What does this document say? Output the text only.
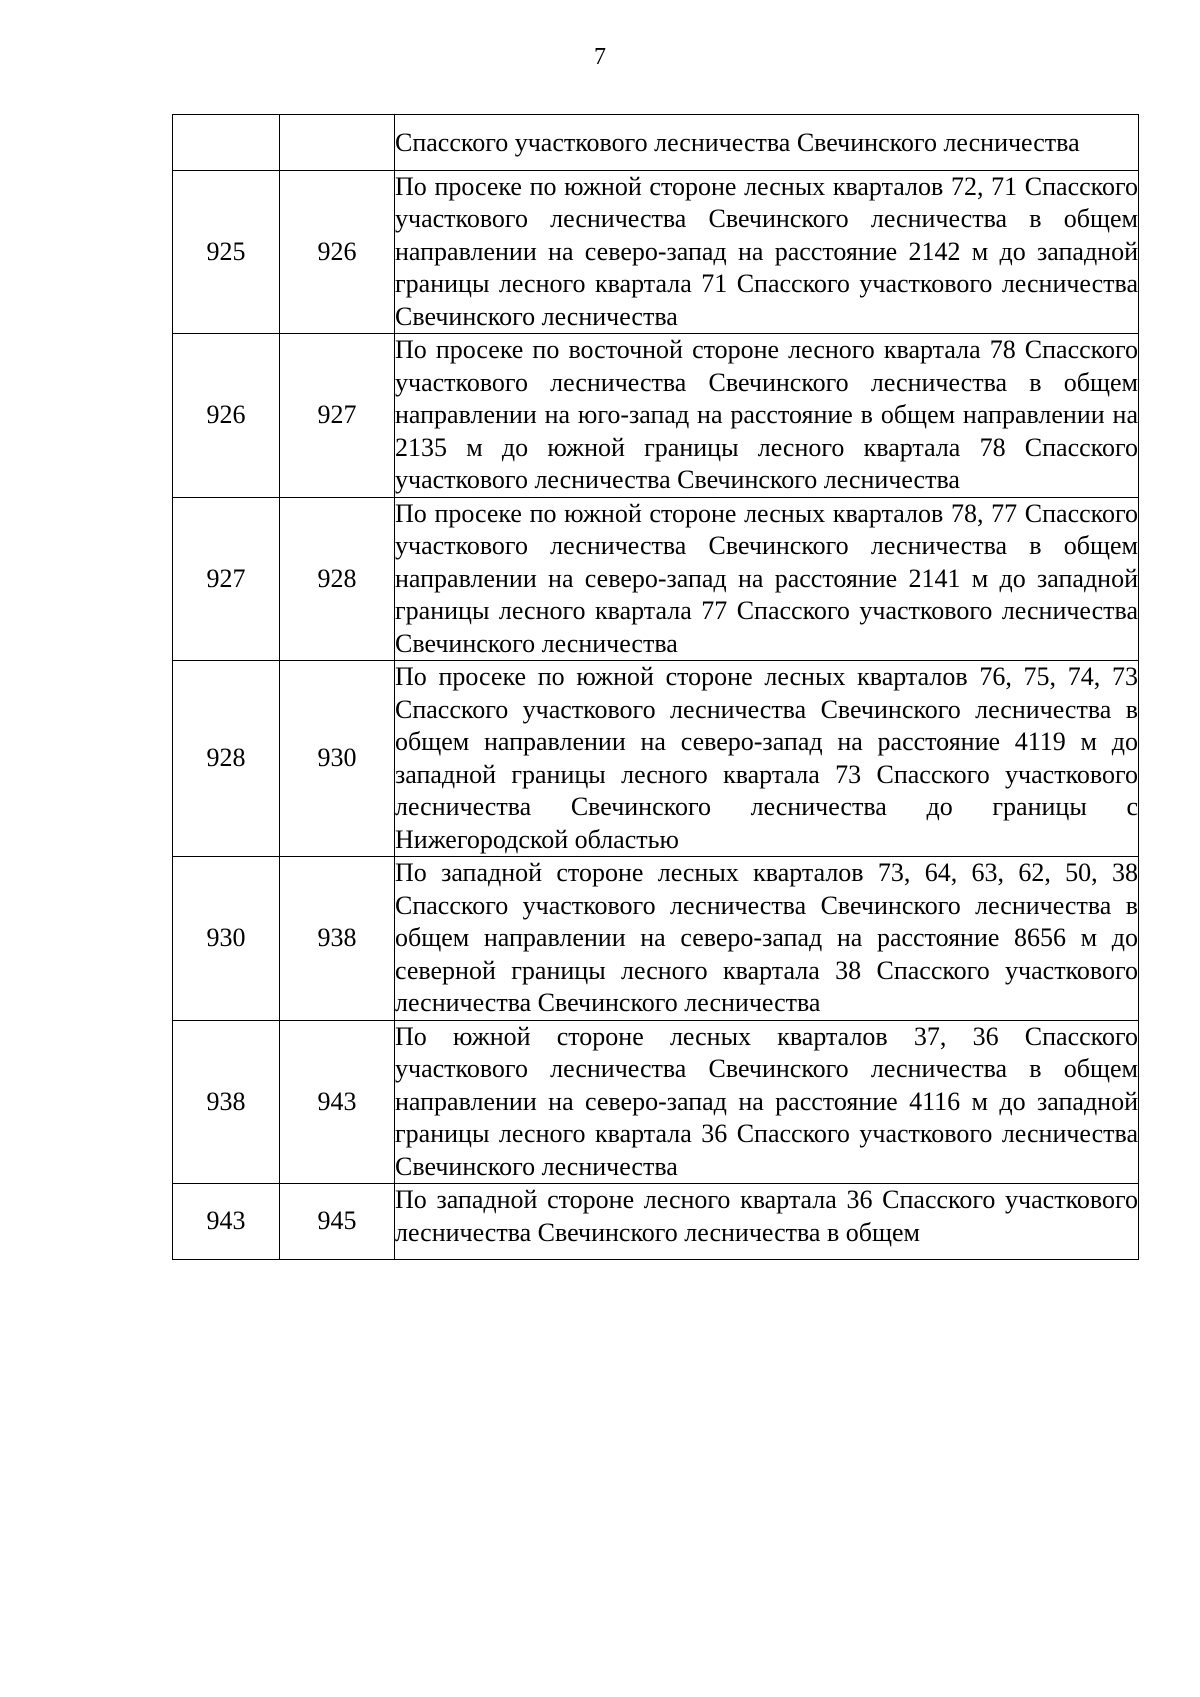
7
		Спасского участкового лесничества Свечинского лесничества
925	926	По просеке по южной стороне лесных кварталов 72, 71 Спасского участкового лесничества Свечинского лесничества в общем направлении на северо-запад на расстояние 2142 м до западной границы лесного квартала 71 Спасского участкового лесничества Свечинского лесничества
926	927	По просеке по восточной стороне лесного квартала 78 Спасского участкового лесничества Свечинского лесничества в общем направлении на юго-запад на расстояние в общем направлении на 2135 м до южной границы лесного квартала 78 Спасского участкового лесничества Свечинского лесничества
927	928	По просеке по южной стороне лесных кварталов 78, 77 Спасского участкового лесничества Свечинского лесничества в общем направлении на северо-запад на расстояние 2141 м до западной границы лесного квартала 77 Спасского участкового лесничества Свечинского лесничества
928	930	По просеке по южной стороне лесных кварталов 76, 75, 74, 73 Спасского участкового лесничества Свечинского лесничества в общем направлении на северо-запад на расстояние 4119 м до западной границы лесного квартала 73 Спасского участкового лесничества Свечинского лесничества до границы с Нижегородской областью
930	938	По западной стороне лесных кварталов 73, 64, 63, 62, 50, 38 Спасского участкового лесничества Свечинского лесничества в общем направлении на северо-запад на расстояние 8656 м до северной границы лесного квартала 38 Спасского участкового лесничества Свечинского лесничества
938	943	По южной стороне лесных кварталов 37, 36 Спасского участкового лесничества Свечинского лесничества в общем направлении на северо-запад на расстояние 4116 м до западной границы лесного квартала 36 Спасского участкового лесничества Свечинского лесничества
943	945	По западной стороне лесного квартала 36 Спасского участкового лесничества Свечинского лесничества в общем
